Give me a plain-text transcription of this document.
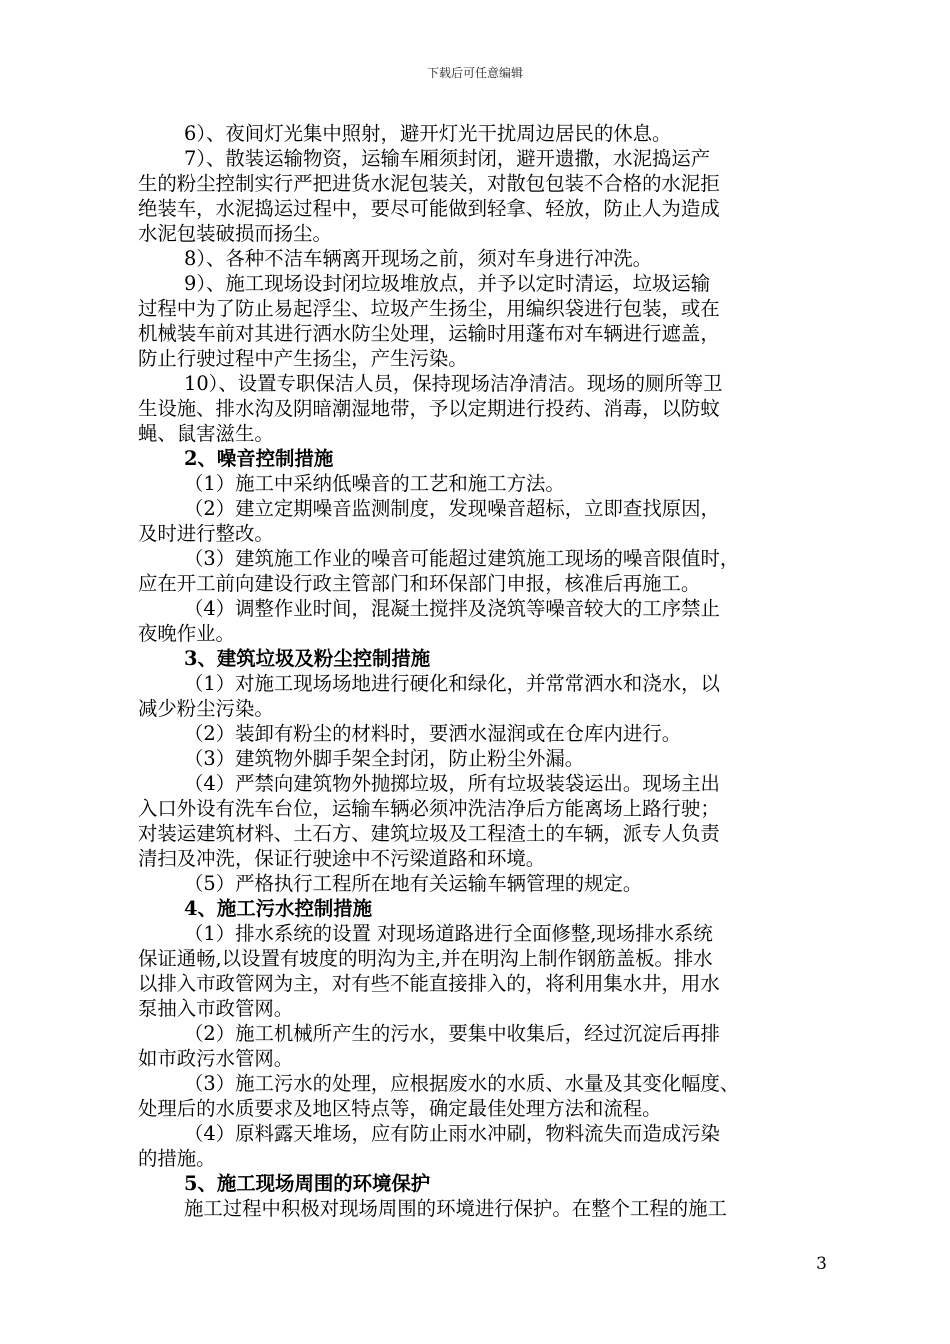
下载后可任意编辑

6）、夜间灯光集中照射，避开灯光干扰周边居民的休息。

7）、散装运输物资，运输车厢须封闭，避开遗撒，水泥捣运产

生的粉尘控制实行严把进货水泥包装关，对散包包装不合格的水泥拒

绝装车，水泥捣运过程中，要尽可能做到轻拿、轻放，防止人为造成

水泥包装破损而扬尘。

8）、各种不洁车辆离开现场之前，须对车身进行冲洗。

9）、施工现场设封闭垃圾堆放点，并予以定时清运，垃圾运输

过程中为了防止易起浮尘、垃圾产生扬尘，用编织袋进行包装，或在

机械装车前对其进行洒水防尘处理，运输时用蓬布对车辆进行遮盖，

防止行驶过程中产生扬尘，产生污染。

10）、设置专职保洁人员，保持现场洁净清洁。现场的厕所等卫

生设施、排水沟及阴暗潮湿地带，予以定期进行投药、消毒，以防蚊

蝇、鼠害滋生。

2、噪音控制措施

（1）施工中采纳低噪音的工艺和施工方法。

（2）建立定期噪音监测制度，发现噪音超标，立即查找原因，

及时进行整改。

（3）建筑施工作业的噪音可能超过建筑施工现场的噪音限值时，

应在开工前向建设行政主管部门和环保部门申报，核准后再施工。

（4）调整作业时间，混凝土搅拌及浇筑等噪音较大的工序禁止

夜晚作业。

3、建筑垃圾及粉尘控制措施

（1）对施工现场场地进行硬化和绿化，并常常洒水和浇水，以

减少粉尘污染。

（2）装卸有粉尘的材料时，要洒水湿润或在仓库内进行。

（3）建筑物外脚手架全封闭，防止粉尘外漏。

（4）严禁向建筑物外抛掷垃圾，所有垃圾装袋运出。现场主出

入口外设有洗车台位，运输车辆必须冲洗洁净后方能离场上路行驶；

对装运建筑材料、土石方、建筑垃圾及工程渣土的车辆，派专人负责

清扫及冲洗，保证行驶途中不污梁道路和环境。

（5）严格执行工程所在地有关运输车辆管理的规定。

4、施工污水控制措施

（1）排水系统的设置 对现场道路进行全面修整,现场排水系统

保证通畅,以设置有坡度的明沟为主,并在明沟上制作钢筋盖板。排水

以排入市政管网为主，对有些不能直接排入的，将利用集水井，用水

泵抽入市政管网。

（2）施工机械所产生的污水，要集中收集后，经过沉淀后再排

如市政污水管网。

（3）施工污水的处理，应根据废水的水质、水量及其变化幅度、

处理后的水质要求及地区特点等，确定最佳处理方法和流程。

（4）原料露天堆场，应有防止雨水冲刷，物料流失而造成污染

的措施。

5、施工现场周围的环境保护

施工过程中积极对现场周围的环境进行保护。在整个工程的施工

3
